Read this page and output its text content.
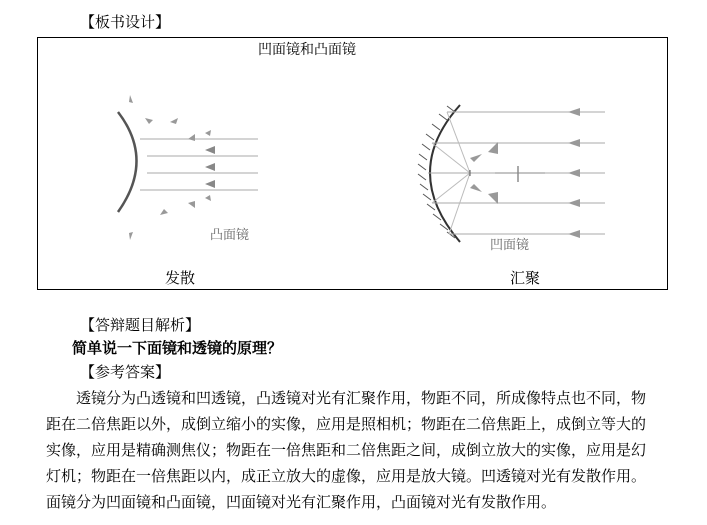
【板书设计】
凹面镜和凸面镜
凸面镜
凹面镜
发散	汇聚
【答辩题目解析】
简单说一下面镜和透镜的原理？
【参考答案】
透镜分为凸透镜和凹透镜，凸透镜对光有汇聚作用，物距不同，所成像特点也不同，物
距在二倍焦距以外，成倒立缩小的实像，应用是照相机；物距在二倍焦距上，成倒立等大的
实像，应用是精确测焦仪；物距在一倍焦距和二倍焦距之间，成倒立放大的实像，应用是幻
灯机；物距在一倍焦距以内，成正立放大的虚像，应用是放大镜。凹透镜对光有发散作用。
面镜分为凹面镜和凸面镜，凹面镜对光有汇聚作用，凸面镜对光有发散作用。
